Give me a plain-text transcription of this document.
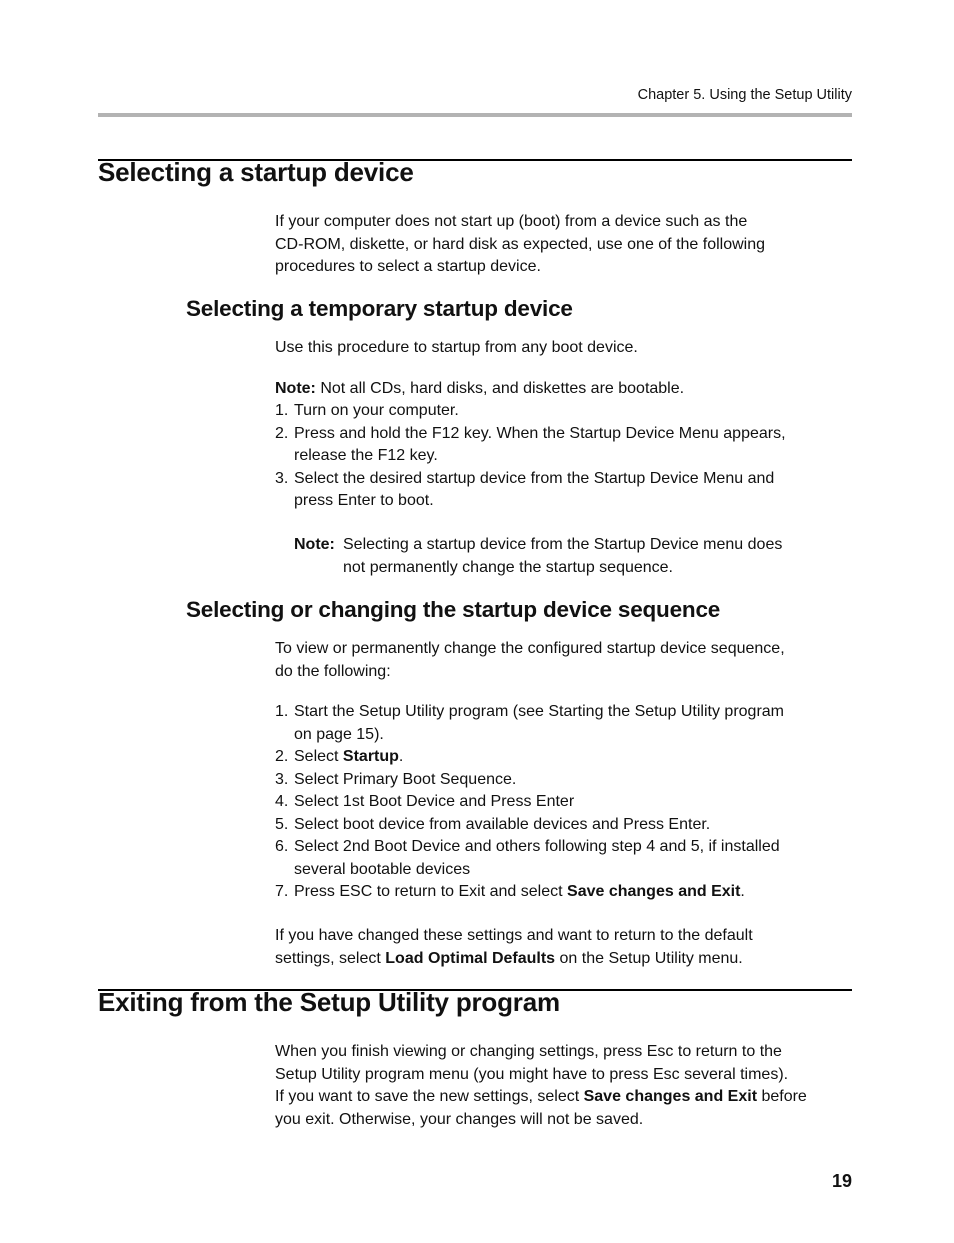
Chapter 5. Using the Setup Utility
Selecting a startup device
If your computer does not start up (boot) from a device such as the
CD-ROM, diskette, or hard disk as expected, use one of the following
procedures to select a startup device.
Selecting a temporary startup device
Use this procedure to startup from any boot device.
Note: Not all CDs, hard disks, and diskettes are bootable.
1. Turn on your computer.
2. Press and hold the F12 key. When the Startup Device Menu appears,
release the F12 key.
3. Select the desired startup device from the Startup Device Menu and
press Enter to boot.
Note: Selecting a startup device from the Startup Device menu does
not permanently change the startup sequence.
Selecting or changing the startup device sequence
To view or permanently change the configured startup device sequence,
do the following:
1. Start the Setup Utility program (see Starting the Setup Utility program
on page 15).
2. Select Startup.
3. Select Primary Boot Sequence.
4. Select 1st Boot Device and Press Enter
5. Select boot device from available devices and Press Enter.
6. Select 2nd Boot Device and others following step 4 and 5, if installed
several bootable devices
7. Press ESC to return to Exit and select Save changes and Exit.
If you have changed these settings and want to return to the default
settings, select Load Optimal Defaults on the Setup Utility menu.
Exiting from the Setup Utility program
When you finish viewing or changing settings, press Esc to return to the
Setup Utility program menu (you might have to press Esc several times).
If you want to save the new settings, select Save changes and Exit before
you exit. Otherwise, your changes will not be saved.
19
